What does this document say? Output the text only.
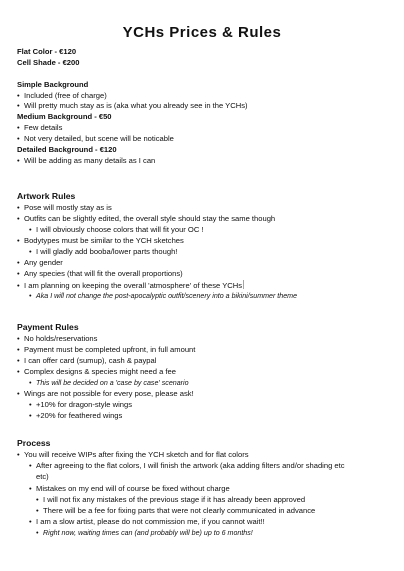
YCHs Prices & Rules
Flat Color - €120
Cell Shade - €200
Simple Background
• Included (free of charge)
• Will pretty much stay as is (aka what you already see in the YCHs)
Medium Background - €50
• Few details
• Not very detailed, but scene will be noticable
Detailed Background - €120
• Will be adding as many details as I can
Artwork Rules
• Pose will mostly stay as is
• Outfits can be slightly edited, the overall style should stay the same though
• I will obviously choose colors that will fit your OC !
• Bodytypes must be similar to the YCH sketches
• I will gladly add booba/lower parts though!
• Any gender
• Any species (that will fit the overall proportions)
• I am planning on keeping the overall 'atmosphere' of these YCHs
• Aka I will not change the post-apocalyptic outfit/scenery into a bikini/summer theme
Payment Rules
• No holds/reservations
• Payment must be completed upfront, in full amount
• I can offer card (sumup), cash & paypal
• Complex designs & species might need a fee
• This will be decided on a 'case by case' scenario
• Wings are not possible for every pose, please ask!
• +10% for dragon-style wings
• +20% for feathered wings
Process
• You will receive WIPs after fixing the YCH sketch and for flat colors
• After agreeing to the flat colors, I will finish the artwork (aka adding filters and/or shading etc
etc)
• Mistakes on my end will of course be fixed without charge
• I will not fix any mistakes of the previous stage if it has already been approved
• There will be a fee for fixing parts that were not clearly communicated in advance
• I am a slow artist, please do not commission me, if you cannot wait!!
• Right now, waiting times can (and probably will be) up to 6 months!
